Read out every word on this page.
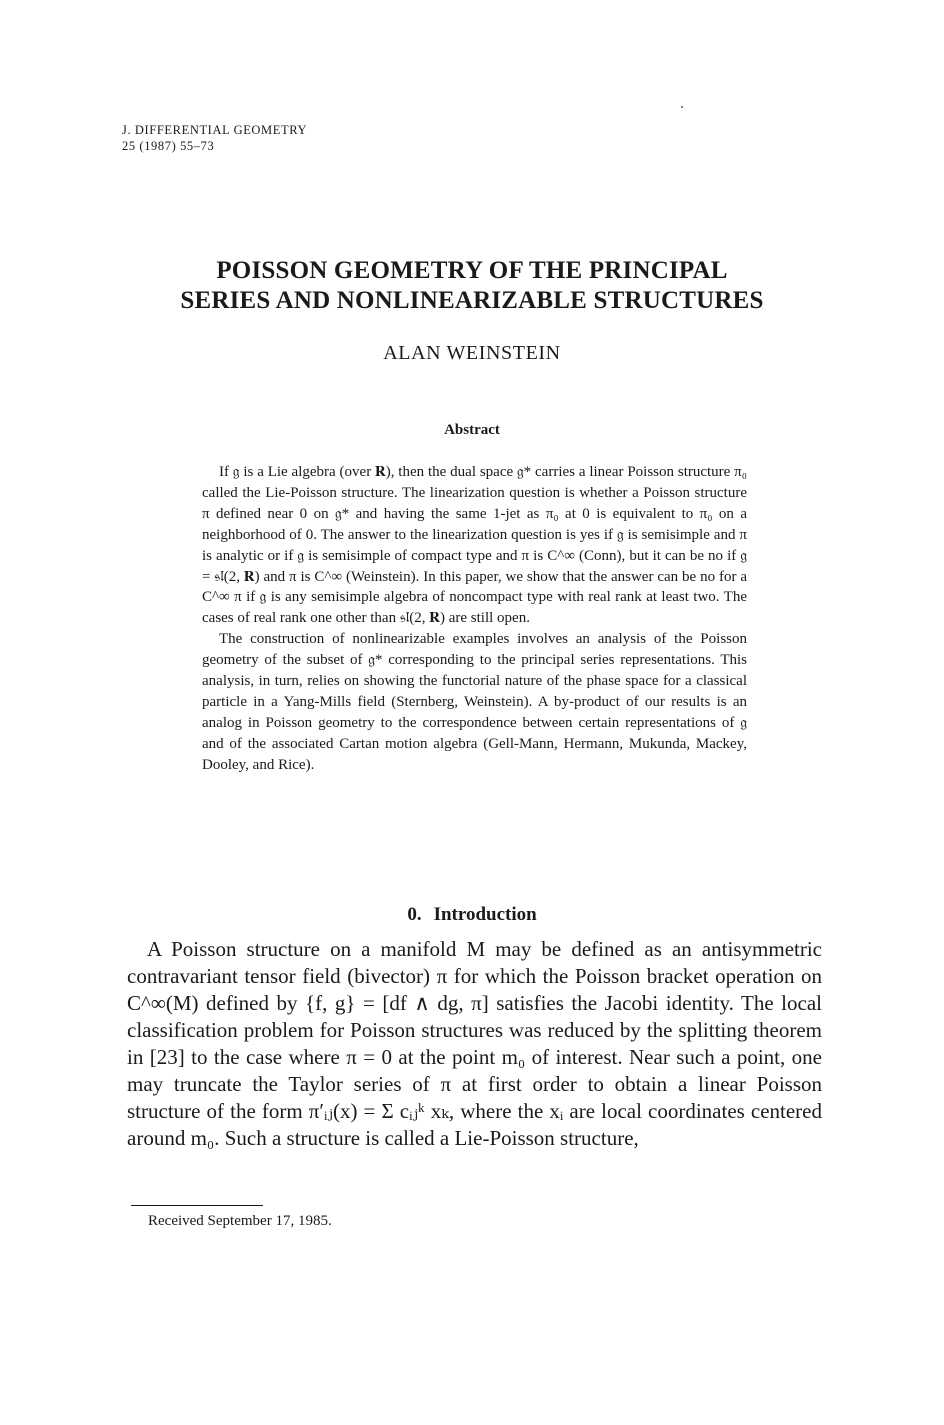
J. DIFFERENTIAL GEOMETRY
25 (1987) 55–73
POISSON GEOMETRY OF THE PRINCIPAL
SERIES AND NONLINEARIZABLE STRUCTURES
ALAN WEINSTEIN
Abstract

If 𝔤 is a Lie algebra (over 𝐑), then the dual space 𝔤* carries a linear Poisson structure π₀ called the Lie-Poisson structure. The linearization question is whether a Poisson structure π defined near 0 on 𝔤* and having the same 1-jet as π₀ at 0 is equivalent to π₀ on a neighborhood of 0. The answer to the linearization question is yes if 𝔤 is semisimple and π is analytic or if 𝔤 is semisimple of compact type and π is C^∞ (Conn), but it can be no if 𝔤 = 𝔰𝔩(2, 𝐑) and π is C^∞ (Weinstein). In this paper, we show that the answer can be no for a C^∞ π if 𝔤 is any semisimple algebra of noncompact type with real rank at least two. The cases of real rank one other than 𝔰𝔩(2, 𝐑) are still open.

The construction of nonlinearizable examples involves an analysis of the Poisson geometry of the subset of 𝔤* corresponding to the principal series representations. This analysis, in turn, relies on showing the functorial nature of the phase space for a classical particle in a Yang-Mills field (Sternberg, Weinstein). A by-product of our results is an analog in Poisson geometry to the correspondence between certain representations of 𝔤 and of the associated Cartan motion algebra (Gell-Mann, Hermann, Mukunda, Mackey, Dooley, and Rice).

0. Introduction

A Poisson structure on a manifold M may be defined as an antisymmetric contravariant tensor field (bivector) π for which the Poisson bracket operation on C^∞(M) defined by {f, g} = [df ∧ dg, π] satisfies the Jacobi identity. The local classification problem for Poisson structures was reduced by the splitting theorem in [23] to the case where π = 0 at the point m₀ of interest. Near such a point, one may truncate the Taylor series of π at first order to obtain a linear Poisson structure of the form π′ᵢⱼ(x) = Σ cᵢⱼᵏ xₖ, where the xᵢ are local coordinates centered around m₀. Such a structure is called a Lie-Poisson structure,

Received September 17, 1985.
